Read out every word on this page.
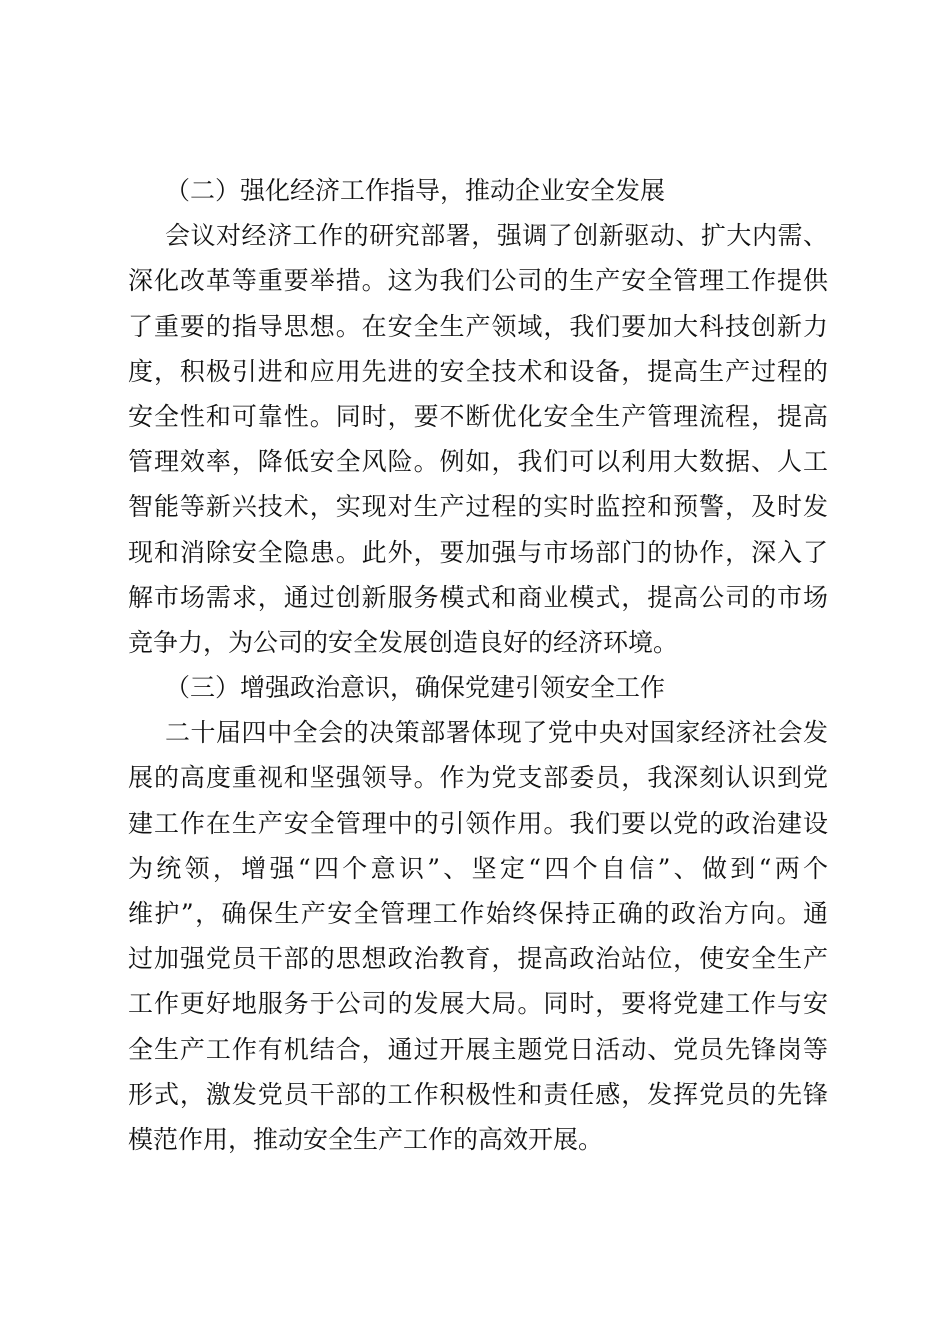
（二）强化经济工作指导，推动企业安全发展
会议对经济工作的研究部署，强调了创新驱动、扩大内需、
深化改革等重要举措。这为我们公司的生产安全管理工作提供
了重要的指导思想。在安全生产领域，我们要加大科技创新力
度，积极引进和应用先进的安全技术和设备，提高生产过程的
安全性和可靠性。同时，要不断优化安全生产管理流程，提高
管理效率，降低安全风险。例如，我们可以利用大数据、人工
智能等新兴技术，实现对生产过程的实时监控和预警，及时发
现和消除安全隐患。此外，要加强与市场部门的协作，深入了
解市场需求，通过创新服务模式和商业模式，提高公司的市场
竞争力，为公司的安全发展创造良好的经济环境。
（三）增强政治意识，确保党建引领安全工作
二十届四中全会的决策部署体现了党中央对国家经济社会发
展的高度重视和坚强领导。作为党支部委员，我深刻认识到党
建工作在生产安全管理中的引领作用。我们要以党的政治建设
为统领，增强“四个意识”、坚定“四个自信”、做到“两个
维护”，确保生产安全管理工作始终保持正确的政治方向。通
过加强党员干部的思想政治教育，提高政治站位，使安全生产
工作更好地服务于公司的发展大局。同时，要将党建工作与安
全生产工作有机结合，通过开展主题党日活动、党员先锋岗等
形式，激发党员干部的工作积极性和责任感，发挥党员的先锋
模范作用，推动安全生产工作的高效开展。
